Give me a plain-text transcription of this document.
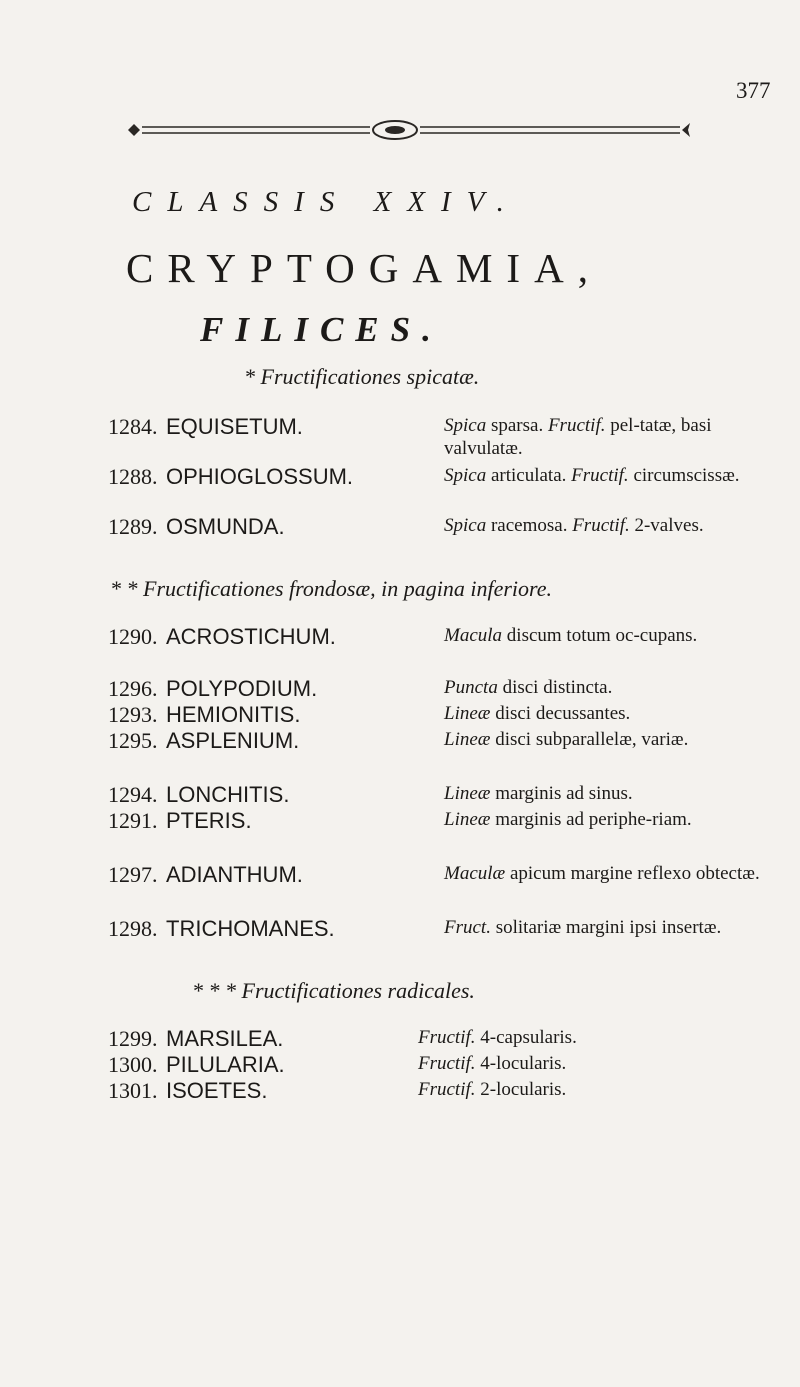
377
CLASSIS XXIV.
CRYPTOGAMIA,
FILICES.
* Fructificationes spicatæ.
1284. EQUISETUM.	Spica sparsa. Fructif. pel-tatæ, basi valvulatæ.
1288. OPHIOGLOSSUM.	Spica articulata. Fructif. circumscissæ.
1289. OSMUNDA.	Spica racemosa. Fructif. 2-valves.
* * Fructificationes frondosæ, in pagina inferiore.
1290. ACROSTICHUM.	Macula discum totum oc-cupans.
1296. POLYPODIUM.	Puncta disci distincta.
1293. HEMIONITIS.	Lineæ disci decussantes.
1295. ASPLENIUM.	Lineæ disci subparallelæ, variæ.
1294. LONCHITIS.	Lineæ marginis ad sinus.
1291. PTERIS.	Lineæ marginis ad periphe-riam.
1297. ADIANTHUM.	Maculæ apicum margine reflexo obtectæ.
1298. TRICHOMANES.	Fruct. solitariæ margini ipsi insertæ.
* * * Fructificationes radicales.
1299. MARSILEA.	Fructif. 4-capsularis.
1300. PILULARIA.	Fructif. 4-locularis.
1301. ISOETES.	Fructif. 2-locularis.
